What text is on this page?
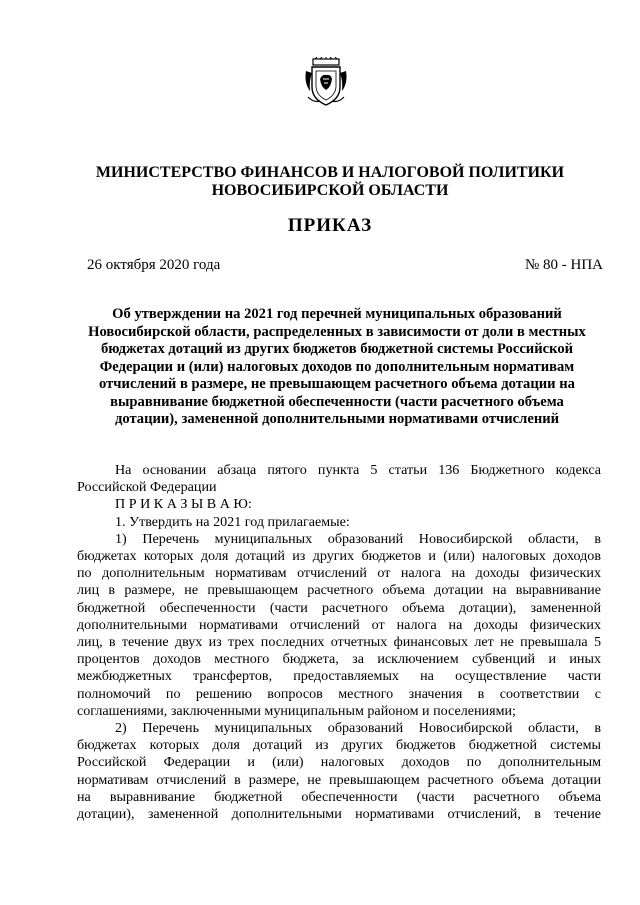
МИНИСТЕРСТВО ФИНАНСОВ И НАЛОГОВОЙ ПОЛИТИКИ
НОВОСИБИРСКОЙ ОБЛАСТИ
ПРИКАЗ
26 октября 2020 года	№ 80 - НПА
Об утверждении на 2021 год перечней муниципальных образований
Новосибирской области, распределенных в зависимости от доли в местных
бюджетах дотаций из других бюджетов бюджетной системы Российской
Федерации и (или) налоговых доходов по дополнительным нормативам
отчислений в размере, не превышающем расчетного объема дотации на
выравнивание бюджетной обеспеченности (части расчетного объема
дотации), замененной дополнительными нормативами отчислений
На основании абзаца пятого пункта 5 статьи 136 Бюджетного кодекса
Российской Федерации
П Р И К А З Ы В А Ю:
1. Утвердить на 2021 год прилагаемые:
1) Перечень муниципальных образований Новосибирской области, в
бюджетах которых доля дотаций из других бюджетов и (или) налоговых доходов
по дополнительным нормативам отчислений от налога на доходы физических
лиц в размере, не превышающем расчетного объема дотации на выравнивание
бюджетной обеспеченности (части расчетного объема дотации), замененной
дополнительными нормативами отчислений от налога на доходы физических
лиц, в течение двух из трех последних отчетных финансовых лет не превышала 5
процентов доходов местного бюджета, за исключением субвенций и иных
межбюджетных трансфертов, предоставляемых на осуществление части
полномочий по решению вопросов местного значения в соответствии с
соглашениями, заключенными муниципальным районом и поселениями;
2) Перечень муниципальных образований Новосибирской области, в
бюджетах которых доля дотаций из других бюджетов бюджетной системы
Российской Федерации и (или) налоговых доходов по дополнительным
нормативам отчислений в размере, не превышающем расчетного объема дотации
на выравнивание бюджетной обеспеченности (части расчетного объема
дотации), замененной дополнительными нормативами отчислений, в течение
